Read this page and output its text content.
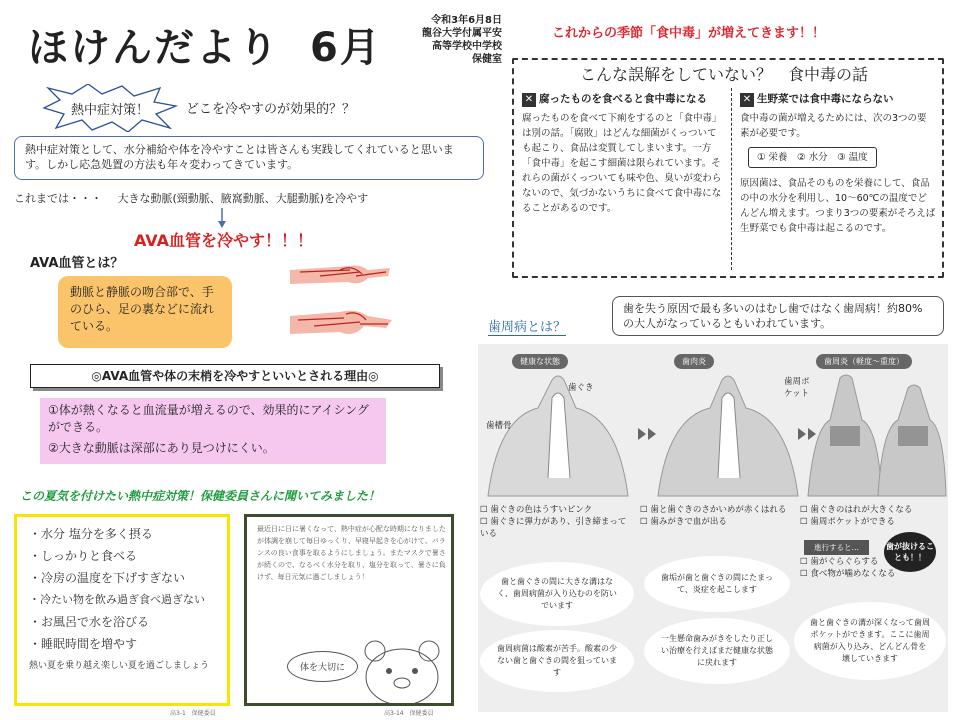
ほけんだより 6月
令和3年6月8日
龍谷大学付属平安
高等学校中学校
保健室
熱中症対策！	どこを冷やすのが効果的？？
熱中症対策として、水分補給や体を冷やすことは皆さんも実践してくれていると思います。しかし応急処置の方法も年々変わってきています。
これまでは・・・ 大きな動脈(頸動脈、腋窩動脈、大腿動脈)を冷やす
AVA血管を冷やす！！！
AVA血管とは？
動脈と静脈の吻合部で、手のひら、足の裏などに流れている。
◎AVA血管や体の末梢を冷やすといいとされる理由◎
①体が熱くなると血流量が増えるので、効果的にアイシングができる。
②大きな動脈は深部にあり見つけにくい。
この夏気を付けたい熱中症対策！保健委員さんに聞いてみました！
・水分 塩分を多く摂る
・しっかりと食べる
・冷房の温度を下げすぎない
・冷たい物を飲み過ぎ食べ過ぎない
・お風呂で水を浴びる
・睡眠時間を増やす
熱い夏を乗り越え楽しい夏を過ごしましょう
高3-1　保健委員
最近日に日に暑くなって、熱中症が心配な時期になりましたが体調を崩して毎日ゆっくり、早寝早起きを心がけて、バランスの良い食事を取るようにしましょう。またマスクで暑さが続くので、なるべく水分を取り、塩分を取って、暑さに負けず、毎日元気に過ごしましょう！
体を大切に
高3-14　保健委員
これからの季節「食中毒」が増えてきます！！
こんな誤解をしていない？　食中毒の話
✕ 腐ったものを食べると食中毒になる
腐ったものを食べて下痢をするのと「食中毒」は別の話。「腐敗」はどんな細菌がくっついても起こり、食品は変質してしまいます。一方「食中毒」を起こす細菌は限られています。それらの菌がくっついても味や色、臭いが変わらないので、気づかないうちに食べて食中毒になることがあるのです。
✕ 生野菜では食中毒にならない
食中毒の菌が増えるためには、次の3つの要素が必要です。
① 栄養　② 水分　③ 温度
原因菌は、食品そのものを栄養にして、食品の中の水分を利用し、10〜60℃の温度でどんどん増えます。つまり3つの要素がそろえば生野菜でも食中毒は起こるのです。
歯周病とは？
歯を失う原因で最も多いのはむし歯ではなく歯周病！約80%の大人がなっているともいわれています。
健康な状態	歯肉炎	歯周炎（軽度〜重度）
歯ぐき
歯槽骨
歯周ポケット
☐ 歯ぐきの色はうすいピンク
☐ 歯ぐきに弾力があり、引き締まっている
☐ 歯と歯ぐきのさかいめが赤くはれる
☐ 歯みがきで血が出る
☐ 歯ぐきのはれが大きくなる
☐ 歯周ポケットができる
☐ 歯がぐらぐらする
☐ 食べ物が噛めなくなる
進行すると…	歯が抜けることも！！
歯と歯ぐきの間に大きな溝はなく、歯周病菌が入り込むのを防いでいます
歯垢が歯と歯ぐきの間にたまって、炎症を起こします
歯と歯ぐきの溝が深くなって歯周ポケットができます。ここに歯周病菌が入り込み、どんどん骨を壊していきます
歯周病菌は酸素が苦手。酸素の少ない歯と歯ぐきの間を狙っています
一生懸命歯みがきをしたり正しい治療を行えばまだ健康な状態に戻れます
